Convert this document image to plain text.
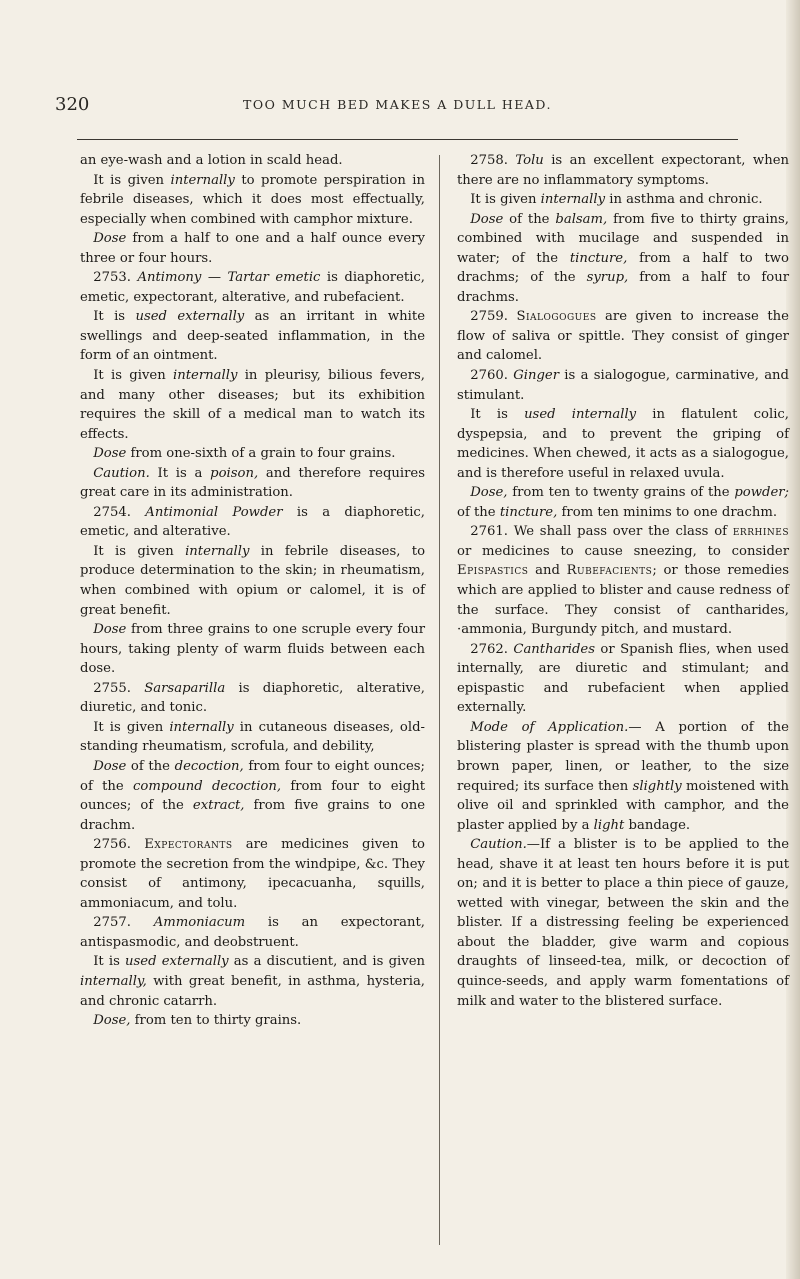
320	TOO MUCH BED MAKES A DULL HEAD.

an eye-wash and a lotion in scald head.

It is given internally to promote perspiration in febrile diseases, which it does most effectually, especially when combined with camphor mixture.

Dose from a half to one and a half ounce every three or four hours.

2753. Antimony — Tartar emetic is diaphoretic, emetic, expectorant, alterative, and rubefacient.

It is used externally as an irritant in white swellings and deep-seated inflammation, in the form of an ointment.

It is given internally in pleurisy, bilious fevers, and many other diseases; but its exhibition requires the skill of a medical man to watch its effects.

Dose from one-sixth of a grain to four grains.

Caution. It is a poison, and therefore requires great care in its administration.

2754. Antimonial Powder is a diaphoretic, emetic, and alterative.

It is given internally in febrile diseases, to produce determination to the skin; in rheumatism, when combined with opium or calomel, it is of great benefit.

Dose from three grains to one scruple every four hours, taking plenty of warm fluids between each dose.

2755. Sarsaparilla is diaphoretic, alterative, diuretic, and tonic.

It is given internally in cutaneous diseases, old-standing rheumatism, scrofula, and debility,

Dose of the decoction, from four to eight ounces; of the compound decoction, from four to eight ounces; of the extract, from five grains to one drachm.

2756. Expectorants are medicines given to promote the secretion from the windpipe, &c. They consist of antimony, ipecacuanha, squills, ammoniacum, and tolu.

2757. Ammoniacum is an expectorant, antispasmodic, and deobstruent.

It is used externally as a discutient, and is given internally, with great benefit, in asthma, hysteria, and chronic catarrh.

Dose, from ten to thirty grains.

2758. Tolu is an excellent expectorant, when there are no inflammatory symptoms.

It is given internally in asthma and chronic.

Dose of the balsam, from five to thirty grains, combined with mucilage and suspended in water; of the tincture, from a half to two drachms; of the syrup, from a half to four drachms.

2759. Sialogogues are given to increase the flow of saliva or spittle. They consist of ginger and calomel.

2760. Ginger is a sialogogue, carminative, and stimulant.

It is used internally in flatulent colic, dyspepsia, and to prevent the griping of medicines. When chewed, it acts as a sialogogue, and is therefore useful in relaxed uvula.

Dose, from ten to twenty grains of the powder; of the tincture, from ten minims to one drachm.

2761. We shall pass over the class of errhines or medicines to cause sneezing, to consider Epispastics and Rubefacients; or those remedies which are applied to blister and cause redness of the surface. They consist of cantharides, ·ammonia, Burgundy pitch, and mustard.

2762. Cantharides or Spanish flies, when used internally, are diuretic and stimulant; and epispastic and rubefacient when applied externally.

Mode of Application.— A portion of the blistering plaster is spread with the thumb upon brown paper, linen, or leather, to the size required; its surface then slightly moistened with olive oil and sprinkled with camphor, and the plaster applied by a light bandage.

Caution.—If a blister is to be applied to the head, shave it at least ten hours before it is put on; and it is better to place a thin piece of gauze, wetted with vinegar, between the skin and the blister. If a distressing feeling be experienced about the bladder, give warm and copious draughts of linseed-tea, milk, or decoction of quince-seeds, and apply warm fomentations of milk and water to the blistered surface.
